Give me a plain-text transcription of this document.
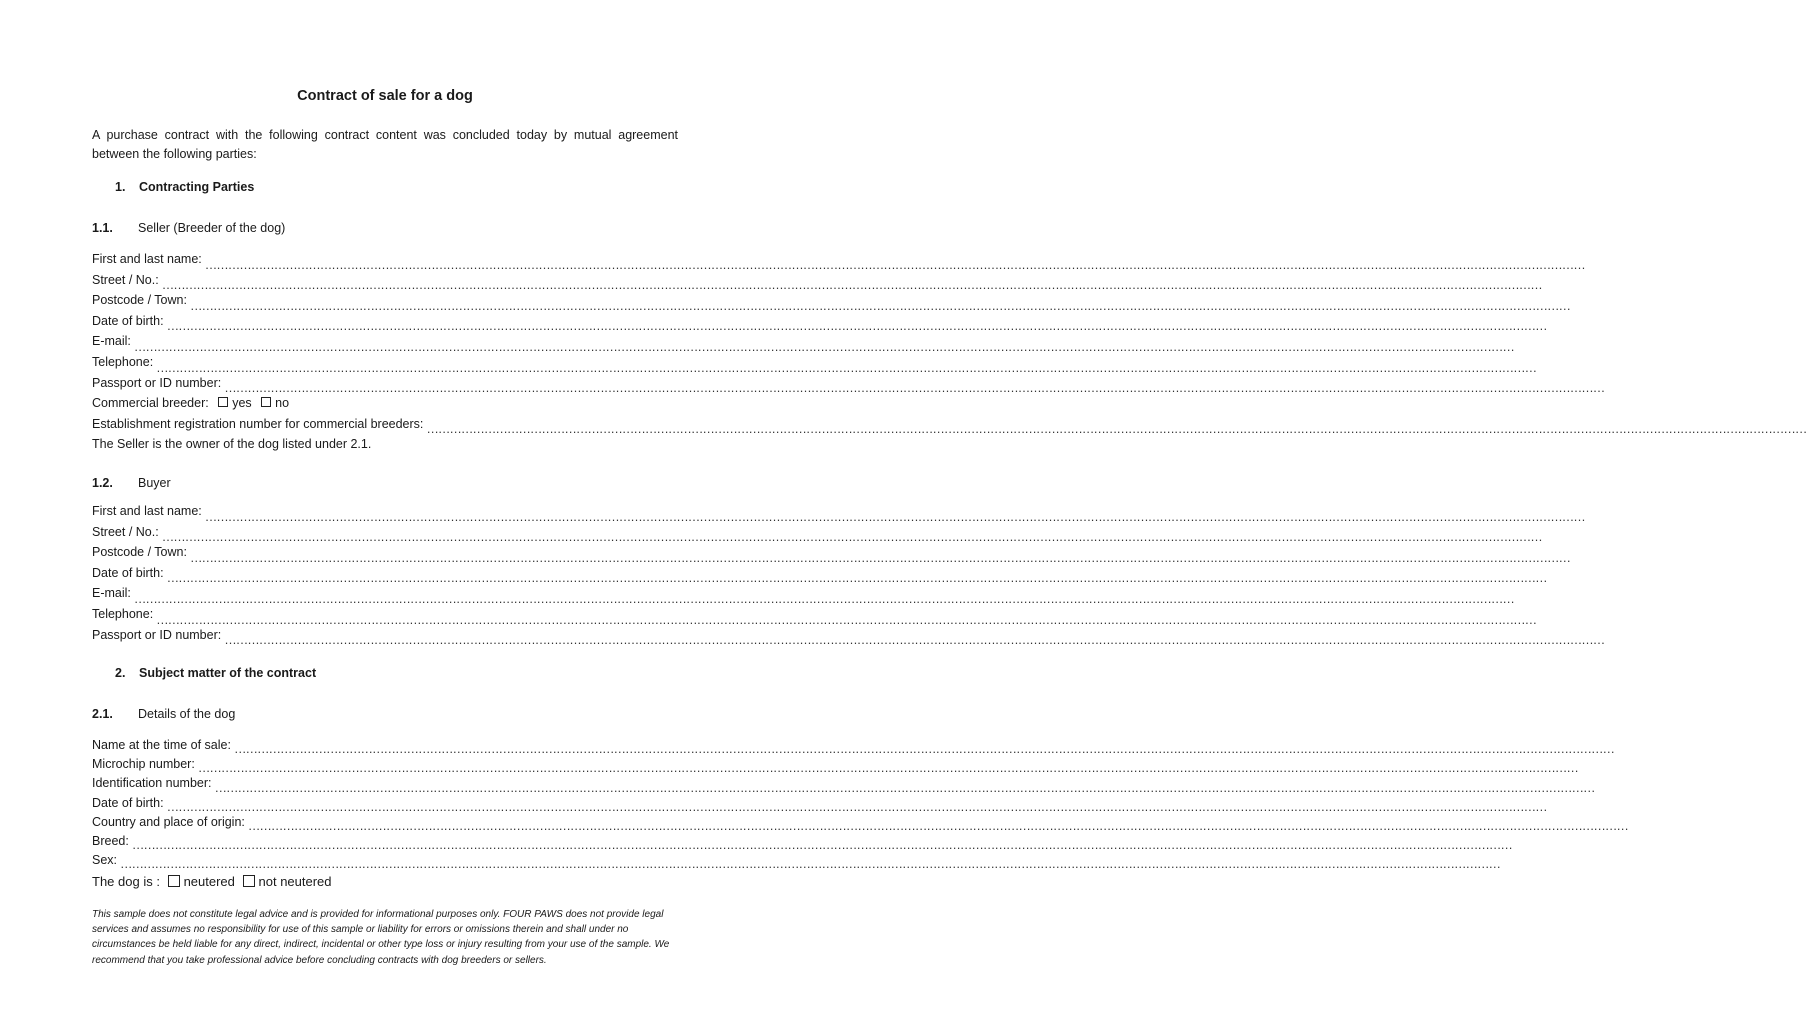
Contract of sale for a dog
A purchase contract with the following contract content was concluded today by mutual agreement between the following parties:
1. Contracting Parties
1.1. Seller (Breeder of the dog)
First and last name: ………………………………………………………………………………………………………………………………………………………………………………………………………………………………………………………………………………………………………………………………
Street / No.: ………………………………………………………………………………………………………………………………………………………………………………………………………………………………………………………………………………………………………………………………
Postcode / Town: ………………………………………………………………………………………………………………………………………………………………………………………………………………………………………………………………………………………………………………………………
Date of birth: ………………………………………………………………………………………………………………………………………………………………………………………………………………………………………………………………………………………………………………………………
E-mail: ………………………………………………………………………………………………………………………………………………………………………………………………………………………………………………………………………………………………………………………………
Telephone: ………………………………………………………………………………………………………………………………………………………………………………………………………………………………………………………………………………………………………………………………
Passport or ID number: ………………………………………………………………………………………………………………………………………………………………………………………………………………………………………………………………………………………………………………………………
Commercial breeder: yes no
Establishment registration number for commercial breeders: ………………………………………………………………………………………………………………………………………………………………………………………………………………………………………………………………………………………………………………………………
The Seller is the owner of the dog listed under 2.1.
1.2. Buyer
First and last name: ………………………………………………………………………………………………………………………………………………………………………………………………………………………………………………………………………………………………………………………………
Street / No.: ………………………………………………………………………………………………………………………………………………………………………………………………………………………………………………………………………………………………………………………………
Postcode / Town: ………………………………………………………………………………………………………………………………………………………………………………………………………………………………………………………………………………………………………………………………
Date of birth: ………………………………………………………………………………………………………………………………………………………………………………………………………………………………………………………………………………………………………………………………
E-mail: ………………………………………………………………………………………………………………………………………………………………………………………………………………………………………………………………………………………………………………………………
Telephone: ………………………………………………………………………………………………………………………………………………………………………………………………………………………………………………………………………………………………………………………………
Passport or ID number: ………………………………………………………………………………………………………………………………………………………………………………………………………………………………………………………………………………………………………………………………
2. Subject matter of the contract
2.1. Details of the dog
Name at the time of sale: ………………………………………………………………………………………………………………………………………………………………………………………………………………………………………………………………………………………………………………………………
Microchip number: ………………………………………………………………………………………………………………………………………………………………………………………………………………………………………………………………………………………………………………………………
Identification number: ………………………………………………………………………………………………………………………………………………………………………………………………………………………………………………………………………………………………………………………………
Date of birth: ………………………………………………………………………………………………………………………………………………………………………………………………………………………………………………………………………………………………………………………………
Country and place of origin: ………………………………………………………………………………………………………………………………………………………………………………………………………………………………………………………………………………………………………………………………
Breed: ………………………………………………………………………………………………………………………………………………………………………………………………………………………………………………………………………………………………………………………………
Sex: ………………………………………………………………………………………………………………………………………………………………………………………………………………………………………………………………………………………………………………………………
The dog is : neutered not neutered
This sample does not constitute legal advice and is provided for informational purposes only. FOUR PAWS does not provide legal services and assumes no responsibility for use of this sample or liability for errors or omissions therein and shall under no circumstances be held liable for any direct, indirect, incidental or other type loss or injury resulting from your use of the sample. We recommend that you take professional advice before concluding contracts with dog breeders or sellers.
